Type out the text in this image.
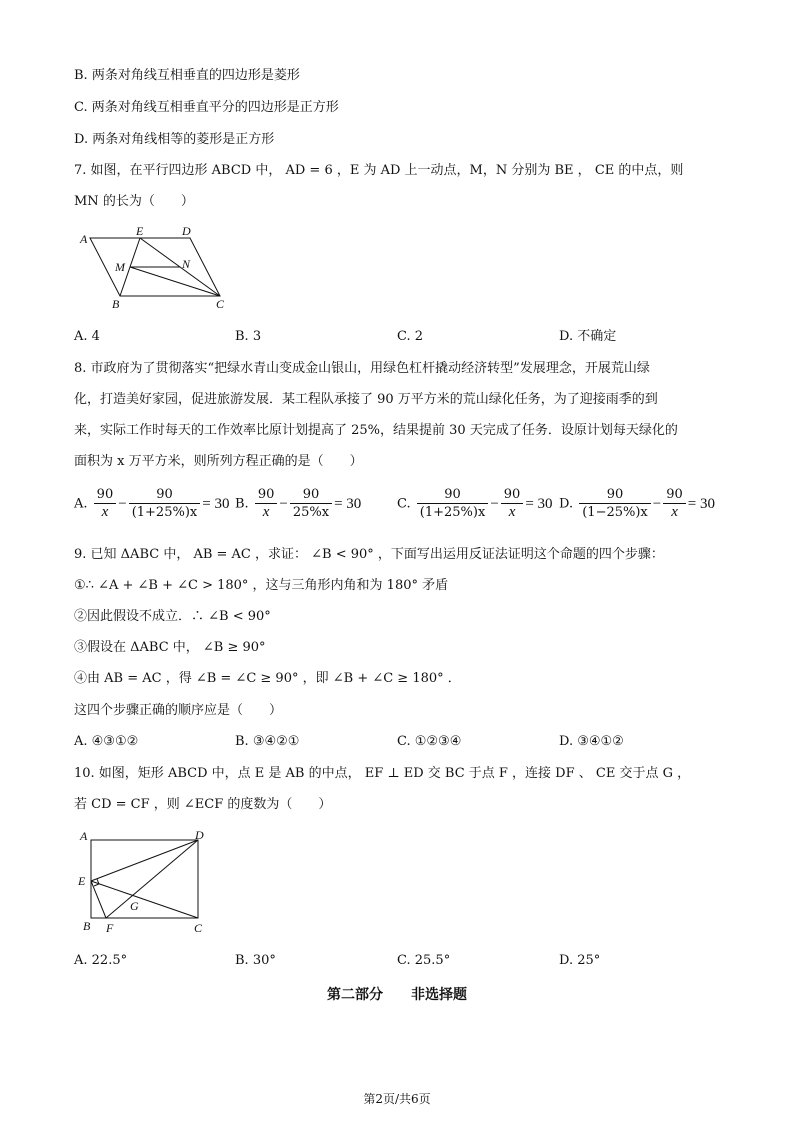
B. 两条对角线互相垂直的四边形是菱形
C. 两条对角线互相垂直平分的四边形是正方形
D. 两条对角线相等的菱形是正方形
7. 如图，在平行四边形 ABCD 中， AD = 6 ，E 为 AD 上一动点，M，N 分别为 BE ， CE 的中点，则
MN 的长为（　　）
A
E	D
M	N
B	C
A. 4	B. 3	C. 2	D. 不确定
8. 市政府为了贯彻落实“把绿水青山变成金山银山，用绿色杠杆撬动经济转型”发展理念，开展荒山绿
化，打造美好家园，促进旅游发展．某工程队承接了 90 万平方米的荒山绿化任务，为了迎接雨季的到
来，实际工作时每天的工作效率比原计划提高了 25%，结果提前 30 天完成了任务．设原计划每天绿化的
面积为 x 万平方米，则所列方程正确的是（　　）
A. $\frac{90}{x} - \frac{90}{(1+25\%)x} = 30$ B. $\frac{90}{x} - \frac{90}{25\%x} = 30$	C. $\frac{90}{(1+25\%)x} - \frac{90}{x} = 30$ D. $\frac{90}{(1-25\%)x} - \frac{90}{x} = 30$
9. 已知 ΔABC 中， AB = AC ，求证： ∠B < 90° ，下面写出运用反证法证明这个命题的四个步骤：
①∴ ∠A + ∠B + ∠C > 180° ，这与三角形内角和为 180° 矛盾
②因此假设不成立．∴ ∠B < 90°
③假设在 ΔABC 中， ∠B ≥ 90°
④由 AB = AC ，得 ∠B = ∠C ≥ 90° ，即 ∠B + ∠C ≥ 180° ．
这四个步骤正确的顺序应是（　　）
A. ④③①②	B. ③④②①	C. ①②③④	D. ③④①②
10. 如图，矩形 ABCD 中，点 E 是 AB 的中点， EF ⊥ ED 交 BC 于点 F ，连接 DF 、 CE 交于点 G ，
若 CD = CF ，则 ∠ECF 的度数为（　　）
A	D
E
G
B F	C
A. 22.5°	B. 30°	C. 25.5°	D. 25°
第二部分　　非选择题
第2页/共6页
